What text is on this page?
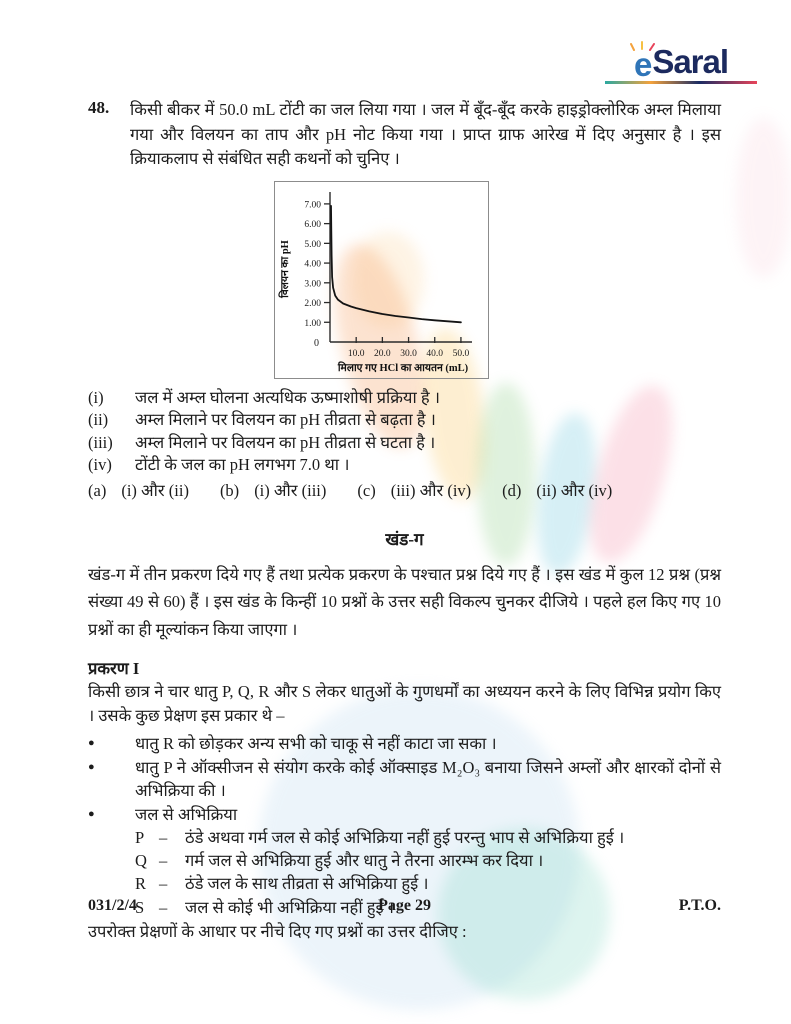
e Saral
48.	किसी बीकर में 50.0 mL टोंटी का जल लिया गया । जल में बूँद-बूँद करके हाइड्रोक्लोरिक अम्ल मिलाया गया और विलयन का ताप और pH नोट किया गया । प्राप्त ग्राफ आरेख में दिए अनुसार है । इस क्रियाकलाप से संबंधित सही कथनों को चुनिए ।
0
1.00
2.00
3.00
4.00
5.00
6.00
7.00
10.0 20.0 30.0 40.0 50.0
मिलाए गए HCl का आयतन (mL)
विलयन का pH
(i)	जल में अम्ल घोलना अत्यधिक ऊष्माशोषी प्रक्रिया है ।
(ii)	अम्ल मिलाने पर विलयन का pH तीव्रता से बढ़ता है ।
(iii)	अम्ल मिलाने पर विलयन का pH तीव्रता से घटता है ।
(iv)	टोंटी के जल का pH लगभग 7.0 था ।
(a) (i) और (ii) (b) (i) और (iii) (c) (iii) और (iv) (d) (ii) और (iv)
खंड-ग

खंड-ग में तीन प्रकरण दिये गए हैं तथा प्रत्येक प्रकरण के पश्चात प्रश्न दिये गए हैं । इस खंड में कुल 12 प्रश्न (प्रश्न संख्या 49 से 60) हैं । इस खंड के किन्हीं 10 प्रश्नों के उत्तर सही विकल्प चुनकर दीजिये । पहले हल किए गए 10 प्रश्नों का ही मूल्यांकन किया जाएगा ।

प्रकरण I

किसी छात्र ने चार धातु P, Q, R और S लेकर धातुओं के गुणधर्मों का अध्ययन करने के लिए विभिन्न प्रयोग किए । उसके कुछ प्रेक्षण इस प्रकार थे –

●	धातु R को छोड़कर अन्य सभी को चाकू से नहीं काटा जा सका ।
●	धातु P ने ऑक्सीजन से संयोग करके कोई ऑक्साइड M₂O₃ बनाया जिसने अम्लों और क्षारकों दोनों से अभिक्रिया की ।
●	जल से अभिक्रिया
P –	ठंडे अथवा गर्म जल से कोई अभिक्रिया नहीं हुई परन्तु भाप से अभिक्रिया हुई ।
Q –	गर्म जल से अभिक्रिया हुई और धातु ने तैरना आरम्भ कर दिया ।
R –	ठंडे जल के साथ तीव्रता से अभिक्रिया हुई ।
S –	जल से कोई भी अभिक्रिया नहीं हुई ।

उपरोक्त प्रेक्षणों के आधार पर नीचे दिए गए प्रश्नों का उत्तर दीजिए :

Page 29
031/2/4	P.T.O.
